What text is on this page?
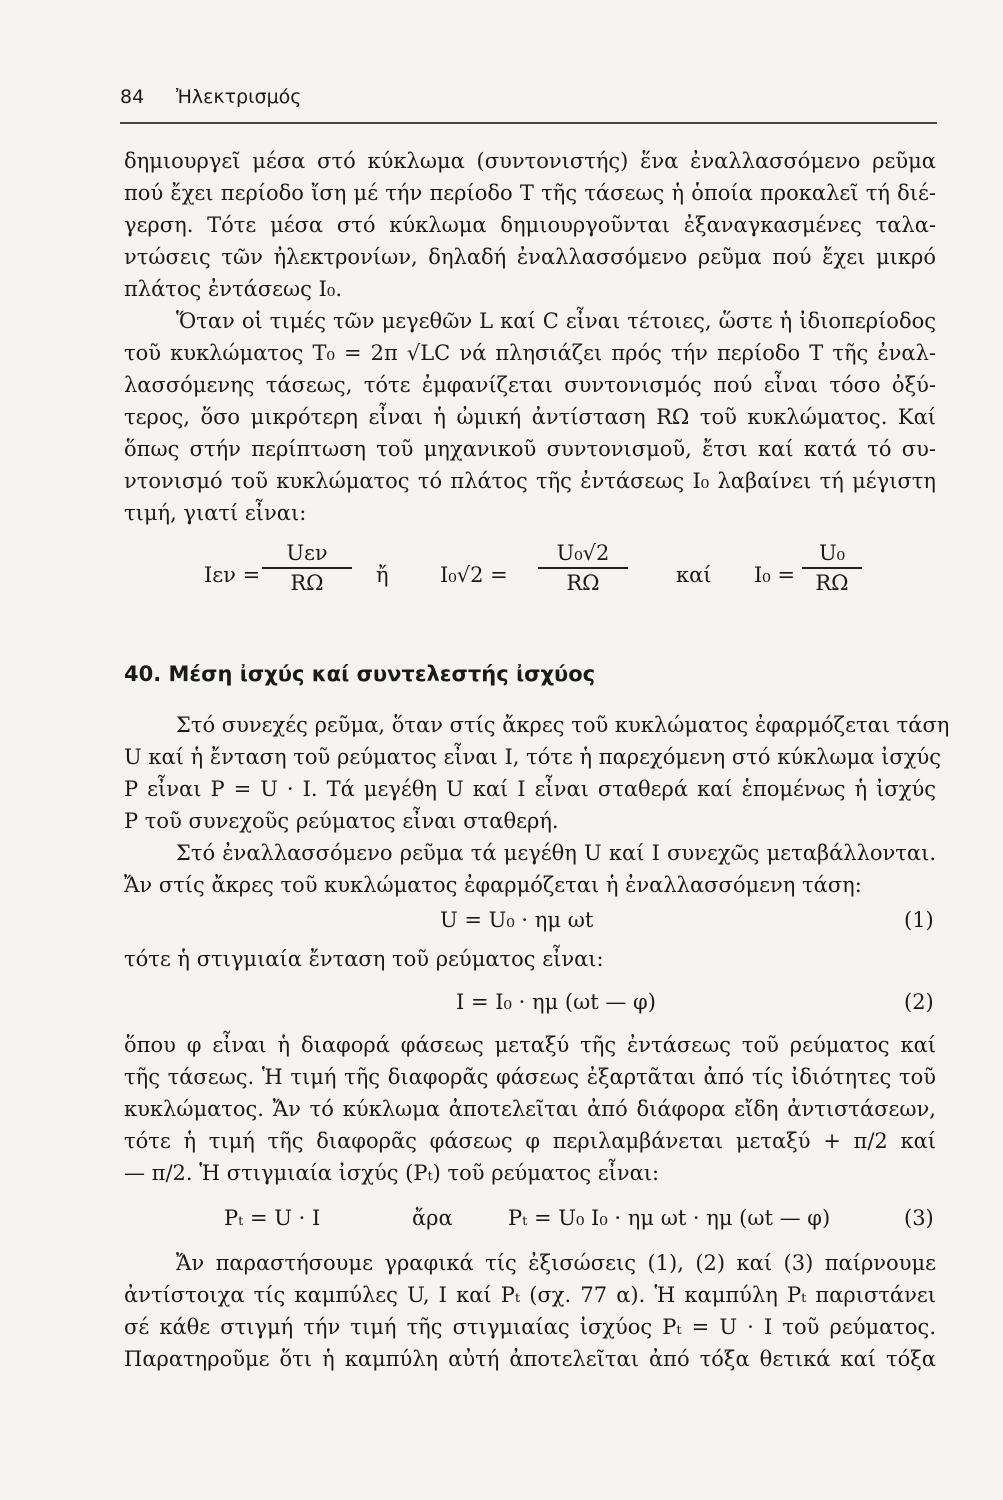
84 Ἠλεκτρισμός
δημιουργεῖ μέσα στό κύκλωμα (συντονιστής) ἕνα ἐναλλασσόμενο ρεῦμα
πού ἔχει περίοδο ἴση μέ τήν περίοδο T τῆς τάσεως ἡ ὁποία προκαλεῖ τή διέ-
γερση. Τότε μέσα στό κύκλωμα δημιουργοῦνται ἐξαναγκασμένες ταλα-
ντώσεις τῶν ἠλεκτρονίων, δηλαδή ἐναλλασσόμενο ρεῦμα πού ἔχει μικρό
πλάτος ἐντάσεως I₀.
Ὅταν οἱ τιμές τῶν μεγεθῶν L καί C εἶναι τέτοιες, ὥστε ἡ ἰδιοπερίοδος
τοῦ κυκλώματος T₀ = 2π √LC νά πλησιάζει πρός τήν περίοδο T τῆς ἐναλ-
λασσόμενης τάσεως, τότε ἐμφανίζεται συντονισμός πού εἶναι τόσο ὀξύ-
τερος, ὅσο μικρότερη εἶναι ἡ ὠμική ἀντίσταση RΩ τοῦ κυκλώματος. Καί
ὅπως στήν περίπτωση τοῦ μηχανικοῦ συντονισμοῦ, ἔτσι καί κατά τό συ-
ντονισμό τοῦ κυκλώματος τό πλάτος τῆς ἐντάσεως I₀ λαβαίνει τή μέγιστη
τιμή, γιατί εἶναι:
Iεν =
Uεν
RΩ	ἤ I₀√2 =
U₀√2
RΩ	καί I₀ =
U₀
RΩ
40. Μέση ἰσχύς καί συντελεστής ἰσχύος
Στό συνεχές ρεῦμα, ὅταν στίς ἄκρες τοῦ κυκλώματος ἐφαρμόζεται τάση
U καί ἡ ἔνταση τοῦ ρεύματος εἶναι I, τότε ἡ παρεχόμενη στό κύκλωμα ἰσχύς
P εἶναι P = U · I. Τά μεγέθη U καί I εἶναι σταθερά καί ἑπομένως ἡ ἰσχύς
P τοῦ συνεχοῦς ρεύματος εἶναι σταθερή.
Στό ἐναλλασσόμενο ρεῦμα τά μεγέθη U καί I συνεχῶς μεταβάλλονται.
Ἄν στίς ἄκρες τοῦ κυκλώματος ἐφαρμόζεται ἡ ἐναλλασσόμενη τάση:
U = U₀ · ημ ωt	(1)
τότε ἡ στιγμιαία ἔνταση τοῦ ρεύματος εἶναι:
I = I₀ · ημ (ωt — φ)	(2)
ὅπου φ εἶναι ἡ διαφορά φάσεως μεταξύ τῆς ἐντάσεως τοῦ ρεύματος καί
τῆς τάσεως. Ἡ τιμή τῆς διαφορᾶς φάσεως ἐξαρτᾶται ἀπό τίς ἰδιότητες τοῦ
κυκλώματος. Ἄν τό κύκλωμα ἀποτελεῖται ἀπό διάφορα εἴδη ἀντιστάσεων,
τότε ἡ τιμή τῆς διαφορᾶς φάσεως φ περιλαμβάνεται μεταξύ + π/2 καί
— π/2. Ἡ στιγμιαία ἰσχύς (Pₜ) τοῦ ρεύματος εἶναι:
Pₜ = U · I	ἄρα	Pₜ = U₀ I₀ · ημ ωt · ημ (ωt — φ)	(3)
Ἄν παραστήσουμε γραφικά τίς ἐξισώσεις (1), (2) καί (3) παίρνουμε
ἀντίστοιχα τίς καμπύλες U, I καί Pₜ (σχ. 77 α). Ἡ καμπύλη Pₜ παριστάνει
σέ κάθε στιγμή τήν τιμή τῆς στιγμιαίας ἰσχύος Pₜ = U · I τοῦ ρεύματος.
Παρατηροῦμε ὅτι ἡ καμπύλη αὐτή ἀποτελεῖται ἀπό τόξα θετικά καί τόξα
